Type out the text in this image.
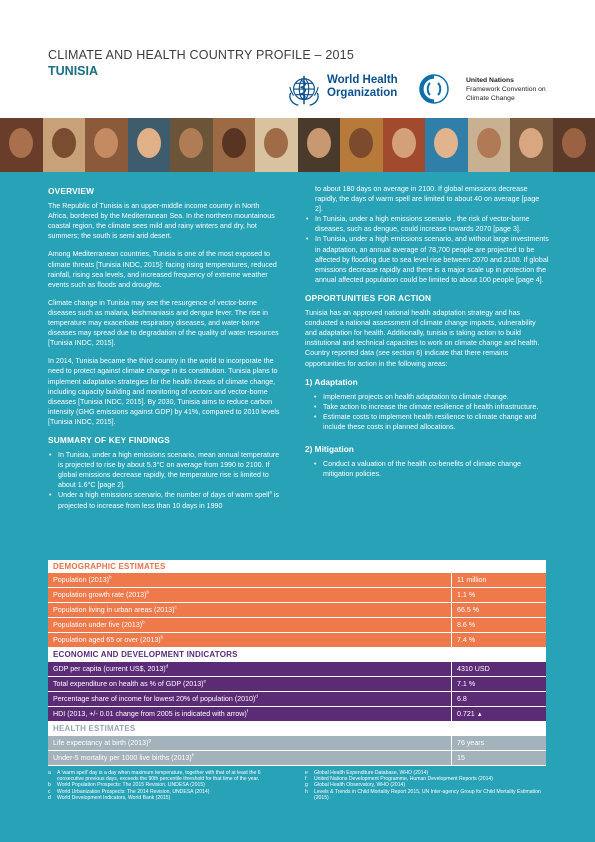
CLIMATE AND HEALTH COUNTRY PROFILE – 2015
TUNISIA
World Health
Organization
United Nations
Framework Convention on
Climate Change
OVERVIEW

The Republic of Tunisia is an upper-middle income country in North Africa, bordered by the Mediterranean Sea. In the northern mountainous coastal region, the climate sees mild and rainy winters and dry, hot summers; the south is semi arid desert.

Among Mediterranean countries, Tunisia is one of the most exposed to climate threats [Tunisia INDC, 2015]: facing rising temperatures, reduced rainfall, rising sea levels, and increased frequency of extreme weather events such as floods and droughts.

Climate change in Tunisia may see the resurgence of vector-borne diseases such as malaria, leishmaniasis and dengue fever. The rise in temperature may exacerbate respiratory diseases, and water-borne diseases may spread due to degradation of the quality of water resources [Tunisia INDC, 2015].

In 2014, Tunisia became the third country in the world to incorporate the need to protect against climate change in its constitution. Tunisia plans to implement adaptation strategies for the health threats of climate change, including capacity building and monitoring of vectors and vector-borne diseases [Tunisia INDC, 2015]. By 2030, Tunisia aims to reduce carbon intensity (GHG emissions against GDP) by 41%, compared to 2010 levels [Tunisia INDC, 2015].

SUMMARY OF KEY FINDINGS
• In Tunisia, under a high emissions scenario, mean annual temperature is projected to rise by about 5.3°C on average from 1990 to 2100. If global emissions decrease rapidly, the temperature rise is limited to about 1.6°C [page 2].
• Under a high emissions scenario, the number of days of warm spell$^a$ is projected to increase from less than 10 days in 1990
to about 180 days on average in 2100. If global emissions decrease rapidly, the days of warm spell are limited to about 40 on average [page 2].
• In Tunisia, under a high emissions scenario , the risk of vector-borne diseases, such as dengue, could increase towards 2070 [page 3].
• In Tunisia, under a high emissions scenario, and without large investments in adaptation, an annual average of 78,700 people are projected to be affected by flooding due to sea level rise between 2070 and 2100. If global emissions decrease rapidly and there is a major scale up in protection the annual affected population could be limited to about 100 people [page 4].
OPPORTUNITIES FOR ACTION

Tunisia has an approved national health adaptation strategy and has conducted a national assessment of climate change impacts, vulnerability and adaptation for health. Additionally, tunisia is taking action to build institutional and technical capacities to work on climate change and health. Country reported data (see section 6) indicate that there remains opportunities for action in the following areas:

1) Adaptation
• Implement projects on health adaptation to climate change.
• Take action to increase the climate resilience of health infrastructure.
• Estimate costs to implement health resilience to climate change and include these costs in planned allocations.
2) Mitigation
• Conduct a valuation of the health co-benefits of climate change mitigation policies.
DEMOGRAPHIC ESTIMATES
Population $(2013)^b$	11 million
Population growth rate $(2013)^b$	1.1 %
Population living in urban areas $(2013)^c$	66.5 %
Population under five $(2013)^b$	8.6 %
Population aged 65 or over $(2013)^b$	7.4 %
ECONOMIC AND DEVELOPMENT INDICATORS
GDP per capita (current US$, 2013)$^d$	4310 USD
Total expenditure on health as % of GDP $(2013)^e$	7.1 %
Percentage share of income for lowest 20% of population $(2010)^d$	6.8
HDI (2013, +/- 0.01 change from 2005 is indicated with arrow)$^f$	0.721 ▲
HEALTH ESTIMATES
Life expectancy at birth $(2013)^g$	76 years
Under-5 mortality per 1000 live births $(2013)^h$	15
a	A 'warm spell' day is a day when maximum temperature, together with that of at least the 6 consecutive previous days, exceeds the 90th percentile threshold for that time of the year.
b	World Population Prospects: The 2015 Revision, UNDESA (2015)
c	World Urbanization Prospects: The 2014 Revision, UNDESA (2014)
d	World Development Indicators, World Bank (2015)
e	Global Health Expenditure Database, WHO (2014)
f	United Nations Development Programme, Human Development Reports (2014)
g	Global Health Observatory, WHO (2014)
h	Levels & Trends in Child Mortality Report 2015, UN Inter-agency Group for Child Mortality Estimation (2015)
